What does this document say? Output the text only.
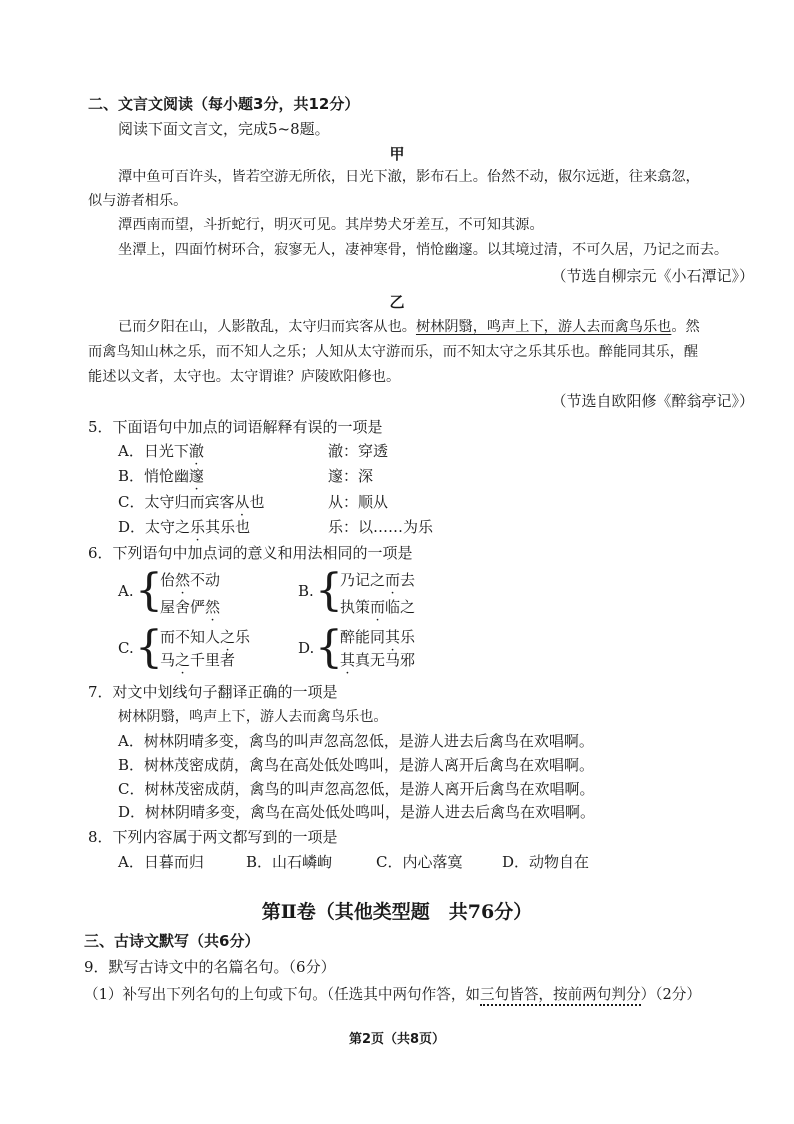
二、文言文阅读（每小题3分，共12分）
阅读下面文言文，完成5~8题。
甲
潭中鱼可百许头，皆若空游无所依，日光下澈，影布石上。佁然不动，俶尔远逝，往来翕忽，
似与游者相乐。
潭西南而望，斗折蛇行，明灭可见。其岸势犬牙差互，不可知其源。
坐潭上，四面竹树环合，寂寥无人，凄神寒骨，悄怆幽邃。以其境过清，不可久居，乃记之而去。
（节选自柳宗元《小石潭记》）
乙
已而夕阳在山，人影散乱，太守归而宾客从也。树林阴翳，鸣声上下，游人去而禽鸟乐也。然
而禽鸟知山林之乐，而不知人之乐；人知从太守游而乐，而不知太守之乐其乐也。醉能同其乐，醒
能述以文者，太守也。太守谓谁？庐陵欧阳修也。
（节选自欧阳修《醉翁亭记》）
5．下面语句中加点的词语解释有误的一项是
A．日光下澈	澈：穿透
B．悄怆幽邃	邃：深
C．太守归而宾客从也	从：顺从
D．太守之乐其乐也	乐：以……为乐
6．下列语句中加点词的意义和用法相同的一项是
A. {
佁然不动
屋舍俨然
B. {
乃记之而去
执策而临之
C. {
而不知人之乐
马之千里者
D. {
醉能同其乐
其真无马邪
7．对文中划线句子翻译正确的一项是
树林阴翳，鸣声上下，游人去而禽鸟乐也。
A．树林阴晴多变，禽鸟的叫声忽高忽低，是游人进去后禽鸟在欢唱啊。
B．树林茂密成荫，禽鸟在高处低处鸣叫，是游人离开后禽鸟在欢唱啊。
C．树林茂密成荫，禽鸟的叫声忽高忽低，是游人离开后禽鸟在欢唱啊。
D．树林阴晴多变，禽鸟在高处低处鸣叫，是游人进去后禽鸟在欢唱啊。
8．下列内容属于两文都写到的一项是
A．日暮而归	B．山石嶙峋	C．内心落寞	D．动物自在
第Ⅱ卷（其他类型题　共76分）
三、古诗文默写（共6分）
9．默写古诗文中的名篇名句。（6分）
（1）补写出下列名句的上句或下句。（任选其中两句作答，如三句皆答，按前两句判分）（2分）
第2页（共8页）
